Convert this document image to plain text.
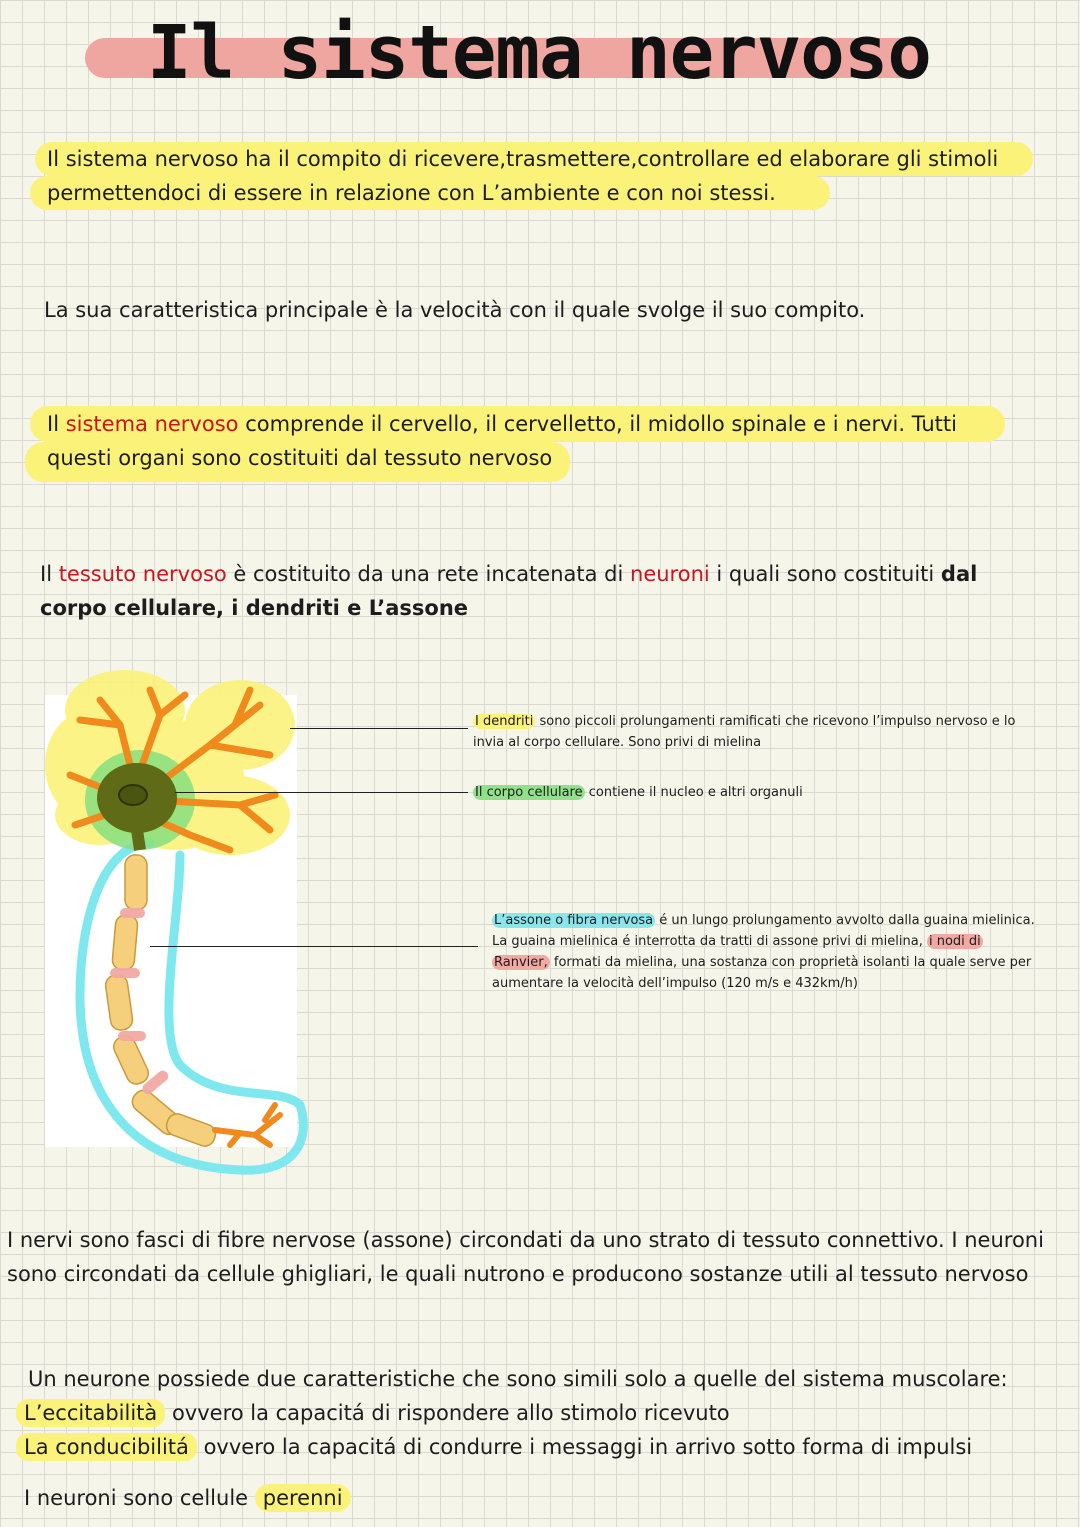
Il sistema nervoso
Il sistema nervoso ha il compito di ricevere,trasmettere,controllare ed elaborare gli stimoli
permettendoci di essere in relazione con L’ambiente e con noi stessi.
La sua caratteristica principale è la velocità con il quale svolge il suo compito.
Il sistema nervoso comprende il cervello, il cervelletto, il midollo spinale e i nervi. Tutti
questi organi sono costituiti dal tessuto nervoso
Il tessuto nervoso è costituito da una rete incatenata di neuroni i quali sono costituiti dal
corpo cellulare, i dendriti e L’assone
I dendriti sono piccoli prolungamenti ramificati che ricevono l’impulso nervoso e lo
invia al corpo cellulare. Sono privi di mielina
Il corpo cellulare contiene il nucleo e altri organuli
L’assone o fibra nervosa é un lungo prolungamento avvolto dalla guaina mielinica.
La guaina mielinica é interrotta da tratti di assone privi di mielina, i nodi di
Ranvier, formati da mielina, una sostanza con proprietà isolanti la quale serve per
aumentare la velocità dell’impulso (120 m/s e 432km/h)
I nervi sono fasci di fibre nervose (assone) circondati da uno strato di tessuto connettivo. I neuroni
sono circondati da cellule ghigliari, le quali nutrono e producono sostanze utili al tessuto nervoso
Un neurone possiede due caratteristiche che sono simili solo a quelle del sistema muscolare:
L’eccitabilità ovvero la capacitá di rispondere allo stimolo ricevuto
La conducibilitá ovvero la capacitá di condurre i messaggi in arrivo sotto forma di impulsi
I neuroni sono cellule perenni
